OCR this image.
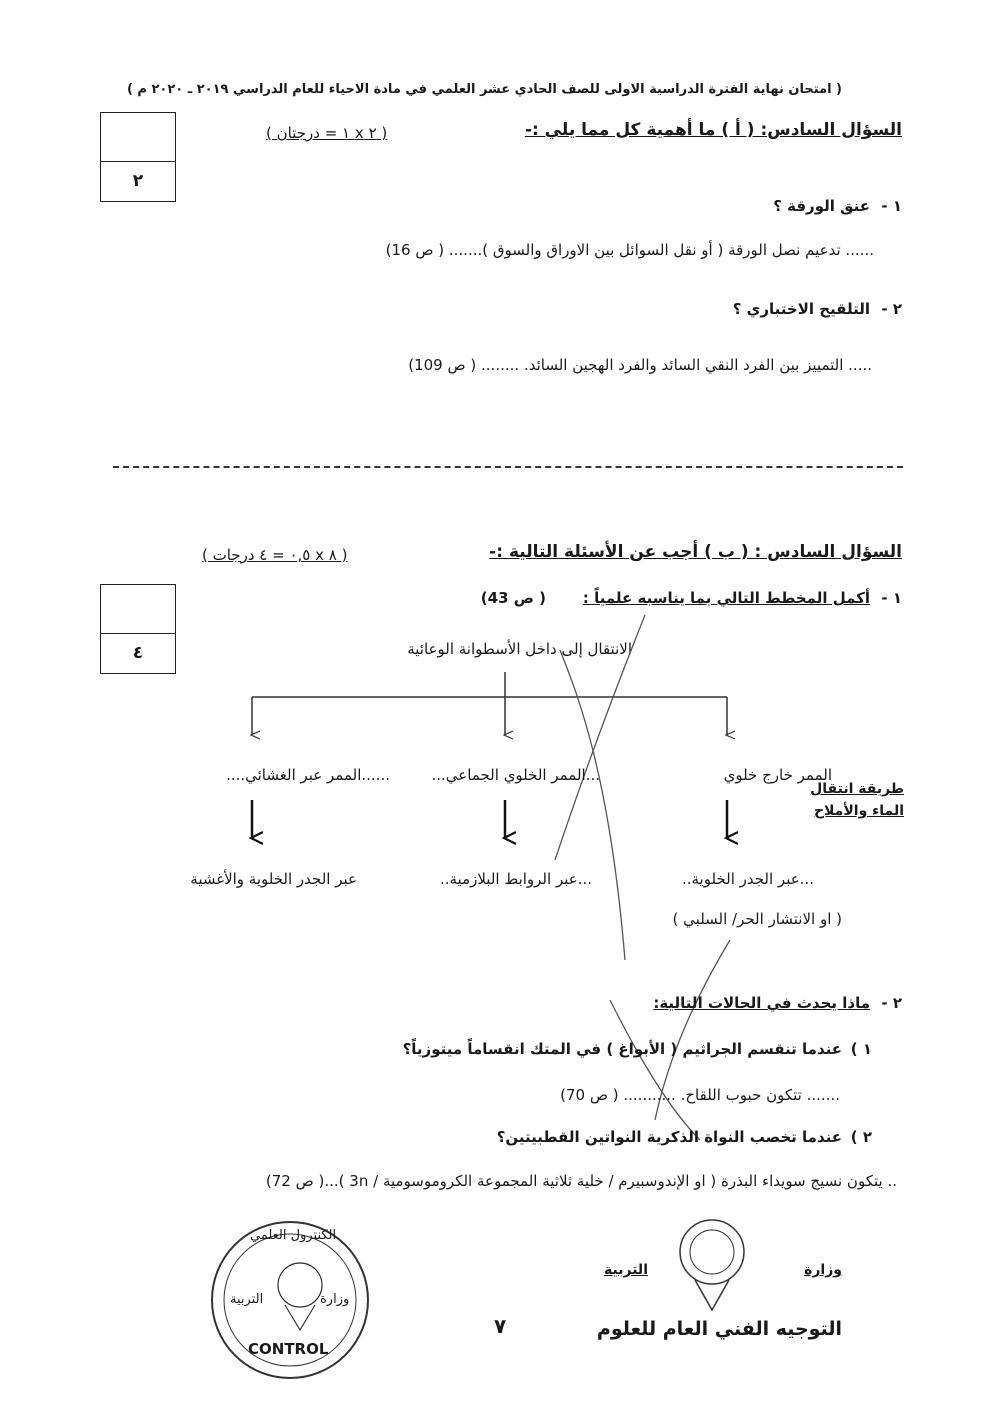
( امتحان نهاية الفترة الدراسية الاولى للصف الحادي عشر العلمي في مادة الاحياء للعام الدراسي ٢٠١٩ ـ ٢٠٢٠ م )
السؤال السادس: ( أ ) ما أهمية كل مما يلي :-
( ٢ x ١ = درجتان )
٢
١ -
عنق الورقة ؟
...... تدعيم نصل الورقة ( أو نقل السوائل بين الاوراق والسوق )....... ( ص 16)
٢ -
التلقيح الاختباري ؟
..... التمييز بين الفرد النقي السائد والفرد الهجين السائد. ........ ( ص 109)
السؤال السادس : ( ب ) أجب عن الأسئلة التالية :-
( ٨ x ٠,٥ = ٤ درجات )
٤
١ -
أكمل المخطط التالي بما يناسبه علمياً :
( ص 43)
الانتقال إلى داخل الأسطوانة الوعائية
الممر خارج خلوي
...الممر الخلوي الجماعي...
......الممر عبر الغشائي....
طريقة انتقال
الماء والأملاح
...عبر الجدر الخلوية..
...عبر الروابط البلازمية..
عبر الجدر الخلوية والأغشية
( او الانتشار الحر/ السلبي )
٢ -
ماذا يحدث في الحالات التالية:
١ )
عندما تنقسم الجراثيم ( الأبواغ ) في المتك انقساماً ميتوزياً؟
....... تتكون حبوب اللقاح. ........... ( ص 70)
٢ )
عندما تخصب النواة الذكرية النواتين القطبيتين؟
.. يتكون نسيج سويداء البذرة ( او الإندوسبيرم / خلية ثلاثية المجموعة الكروموسومية / 3n )...( ص 72)
الكنترول العلمي
التربية	وزارة
CONTROL
٧
وزارة
التربية
التوجيه الفني العام للعلوم
